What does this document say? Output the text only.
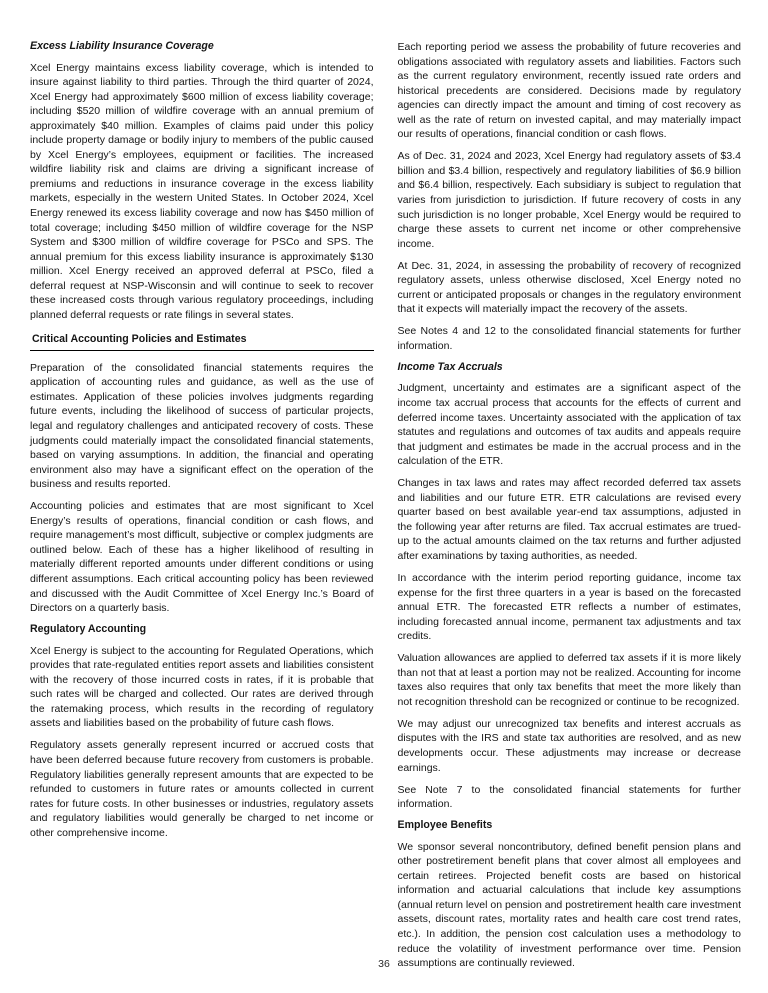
Excess Liability Insurance Coverage

Xcel Energy maintains excess liability coverage, which is intended to insure against liability to third parties. Through the third quarter of 2024, Xcel Energy had approximately $600 million of excess liability coverage; including $520 million of wildfire coverage with an annual premium of approximately $40 million. Examples of claims paid under this policy include property damage or bodily injury to members of the public caused by Xcel Energy’s employees, equipment or facilities. The increased wildfire liability risk and claims are driving a significant increase of premiums and reductions in insurance coverage in the excess liability markets, especially in the western United States. In October 2024, Xcel Energy renewed its excess liability coverage and now has $450 million of total coverage; including $450 million of wildfire coverage for the NSP System and $300 million of wildfire coverage for PSCo and SPS. The annual premium for this excess liability insurance is approximately $130 million. Xcel Energy received an approved deferral at PSCo, filed a deferral request at NSP-Wisconsin and will continue to seek to recover these increased costs through various regulatory proceedings, including planned deferral requests or rate filings in several states.

Critical Accounting Policies and Estimates

Preparation of the consolidated financial statements requires the application of accounting rules and guidance, as well as the use of estimates. Application of these policies involves judgments regarding future events, including the likelihood of success of particular projects, legal and regulatory challenges and anticipated recovery of costs. These judgments could materially impact the consolidated financial statements, based on varying assumptions. In addition, the financial and operating environment also may have a significant effect on the operation of the business and results reported.

Accounting policies and estimates that are most significant to Xcel Energy’s results of operations, financial condition or cash flows, and require management’s most difficult, subjective or complex judgments are outlined below. Each of these has a higher likelihood of resulting in materially different reported amounts under different conditions or using different assumptions. Each critical accounting policy has been reviewed and discussed with the Audit Committee of Xcel Energy Inc.’s Board of Directors on a quarterly basis.

Regulatory Accounting

Xcel Energy is subject to the accounting for Regulated Operations, which provides that rate-regulated entities report assets and liabilities consistent with the recovery of those incurred costs in rates, if it is probable that such rates will be charged and collected. Our rates are derived through the ratemaking process, which results in the recording of regulatory assets and liabilities based on the probability of future cash flows.

Regulatory assets generally represent incurred or accrued costs that have been deferred because future recovery from customers is probable. Regulatory liabilities generally represent amounts that are expected to be refunded to customers in future rates or amounts collected in current rates for future costs. In other businesses or industries, regulatory assets and regulatory liabilities would generally be charged to net income or other comprehensive income.

Each reporting period we assess the probability of future recoveries and obligations associated with regulatory assets and liabilities. Factors such as the current regulatory environment, recently issued rate orders and historical precedents are considered. Decisions made by regulatory agencies can directly impact the amount and timing of cost recovery as well as the rate of return on invested capital, and may materially impact our results of operations, financial condition or cash flows.

As of Dec. 31, 2024 and 2023, Xcel Energy had regulatory assets of $3.4 billion and $3.4 billion, respectively and regulatory liabilities of $6.9 billion and $6.4 billion, respectively. Each subsidiary is subject to regulation that varies from jurisdiction to jurisdiction. If future recovery of costs in any such jurisdiction is no longer probable, Xcel Energy would be required to charge these assets to current net income or other comprehensive income.

At Dec. 31, 2024, in assessing the probability of recovery of recognized regulatory assets, unless otherwise disclosed, Xcel Energy noted no current or anticipated proposals or changes in the regulatory environment that it expects will materially impact the recovery of the assets.

See Notes 4 and 12 to the consolidated financial statements for further information.

Income Tax Accruals

Judgment, uncertainty and estimates are a significant aspect of the income tax accrual process that accounts for the effects of current and deferred income taxes. Uncertainty associated with the application of tax statutes and regulations and outcomes of tax audits and appeals require that judgment and estimates be made in the accrual process and in the calculation of the ETR.

Changes in tax laws and rates may affect recorded deferred tax assets and liabilities and our future ETR. ETR calculations are revised every quarter based on best available year-end tax assumptions, adjusted in the following year after returns are filed. Tax accrual estimates are trued-up to the actual amounts claimed on the tax returns and further adjusted after examinations by taxing authorities, as needed.

In accordance with the interim period reporting guidance, income tax expense for the first three quarters in a year is based on the forecasted annual ETR. The forecasted ETR reflects a number of estimates, including forecasted annual income, permanent tax adjustments and tax credits.

Valuation allowances are applied to deferred tax assets if it is more likely than not that at least a portion may not be realized. Accounting for income taxes also requires that only tax benefits that meet the more likely than not recognition threshold can be recognized or continue to be recognized.

We may adjust our unrecognized tax benefits and interest accruals as disputes with the IRS and state tax authorities are resolved, and as new developments occur. These adjustments may increase or decrease earnings.

See Note 7 to the consolidated financial statements for further information.

Employee Benefits

We sponsor several noncontributory, defined benefit pension plans and other postretirement benefit plans that cover almost all employees and certain retirees. Projected benefit costs are based on historical information and actuarial calculations that include key assumptions (annual return level on pension and postretirement health care investment assets, discount rates, mortality rates and health care cost trend rates, etc.). In addition, the pension cost calculation uses a methodology to reduce the volatility of investment performance over time. Pension assumptions are continually reviewed.

36
